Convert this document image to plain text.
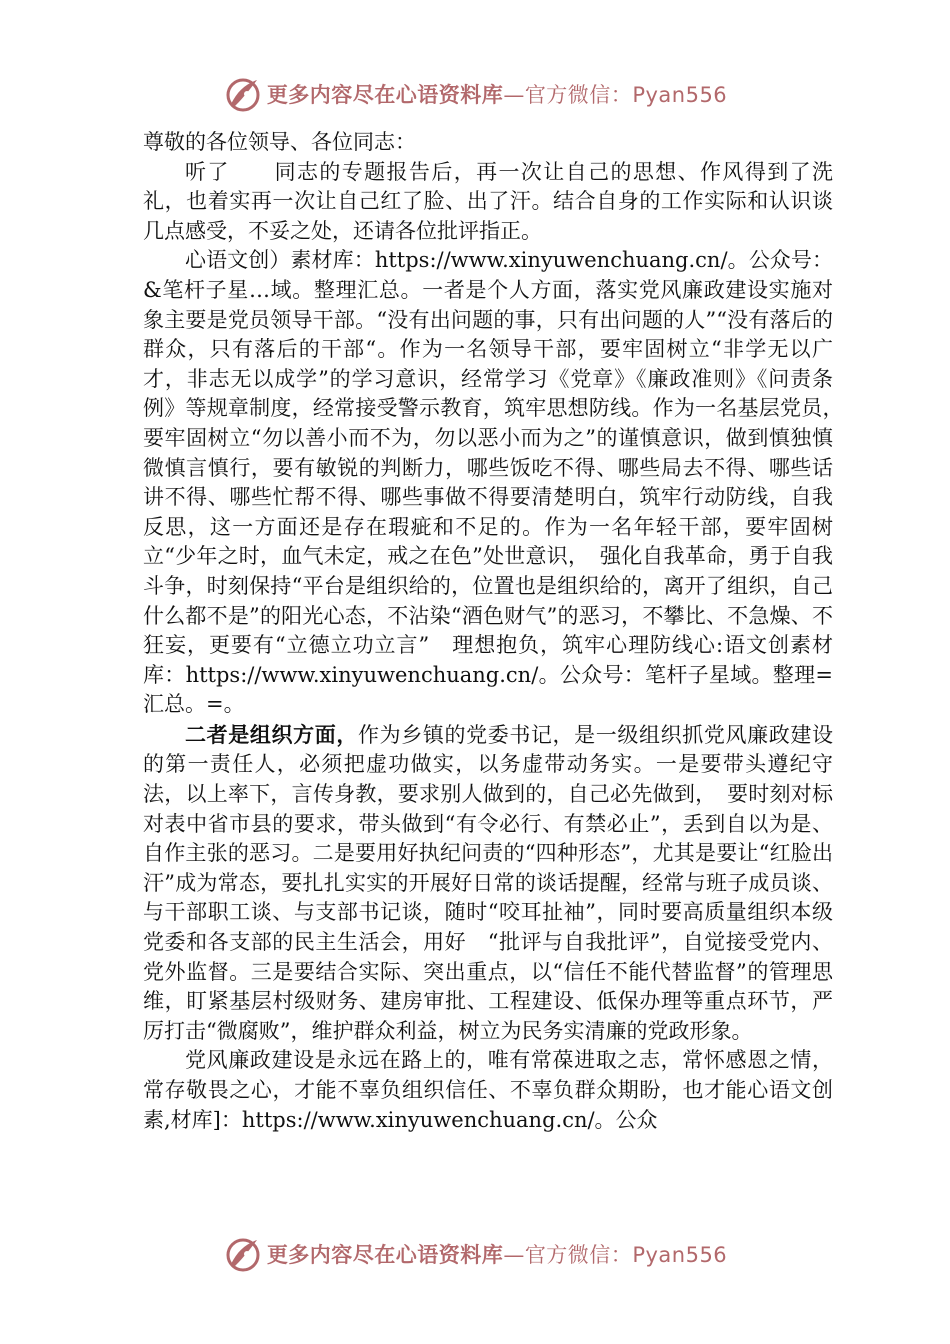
更多内容尽在心语资料库—官方微信：Pyan556

尊敬的各位领导、各位同志：

听了　　同志的专题报告后，再一次让自己的思想、作风得到了洗礼，也着实再一次让自己红了脸、出了汗。结合自身的工作实际和认识谈几点感受，不妥之处，还请各位批评指正。

心语文创）素材库：https://www.xinyuwenchuang.cn/。公众号：&笔杆子星…域。整理汇总。一者是个人方面，落实党风廉政建设实施对象主要是党员领导干部。“没有出问题的事，只有出问题的人”“没有落后的群众，只有落后的干部“。作为一名领导干部，要牢固树立“非学无以广才，非志无以成学”的学习意识，经常学习《党章》《廉政准则》《问责条例》等规章制度，经常接受警示教育，筑牢思想防线。作为一名基层党员，　要牢固树立“勿以善小而不为，勿以恶小而为之”的谨慎意识，做到慎独慎微慎言慎行，要有敏锐的判断力，哪些饭吃不得、哪些局去不得、哪些话讲不得、哪些忙帮不得、哪些事做不得要清楚明白，筑牢行动防线，自我反思，这一方面还是存在瑕疵和不足的。作为一名年轻干部，要牢固树立“少年之时，血气未定，戒之在色”处世意识，　强化自我革命，勇于自我斗争，时刻保持“平台是组织给的，位置也是组织给的，离开了组织，自己什么都不是”的阳光心态，不沾染“酒色财气”的恶习，不攀比、不急燥、不狂妄，更要有“立德立功立言”　理想抱负，筑牢心理防线心:语文创素材库：https://www.xinyuwenchuang.cn/。公众号：笔杆子星域。整理=汇总。=。

二者是组织方面，作为乡镇的党委书记，是一级组织抓党风廉政建设的第一责任人，必须把虚功做实，以务虚带动务实。一是要带头遵纪守法，以上率下，言传身教，要求别人做到的，自己必先做到，　要时刻对标对表中省市县的要求，带头做到“有令必行、有禁必止”，丢到自以为是、自作主张的恶习。二是要用好执纪问责的“四种形态”，尤其是要让“红脸出汗”成为常态，要扎扎实实的开展好日常的谈话提醒，经常与班子成员谈、与干部职工谈、与支部书记谈，随时“咬耳扯袖”，同时要高质量组织本级党委和各支部的民主生活会，用好　“批评与自我批评”，自觉接受党内、党外监督。三是要结合实际、突出重点，以“信任不能代替监督”的管理思维，盯紧基层村级财务、建房审批、工程建设、低保办理等重点环节，严厉打击“微腐败”，维护群众利益，树立为民务实清廉的党政形象。

党风廉政建设是永远在路上的，唯有常葆进取之志，常怀感恩之情，常存敬畏之心，才能不辜负组织信任、不辜负群众期盼，也才能心语文创素,材库]：https://www.xinyuwenchuang.cn/。公众

更多内容尽在心语资料库—官方微信：Pyan556
